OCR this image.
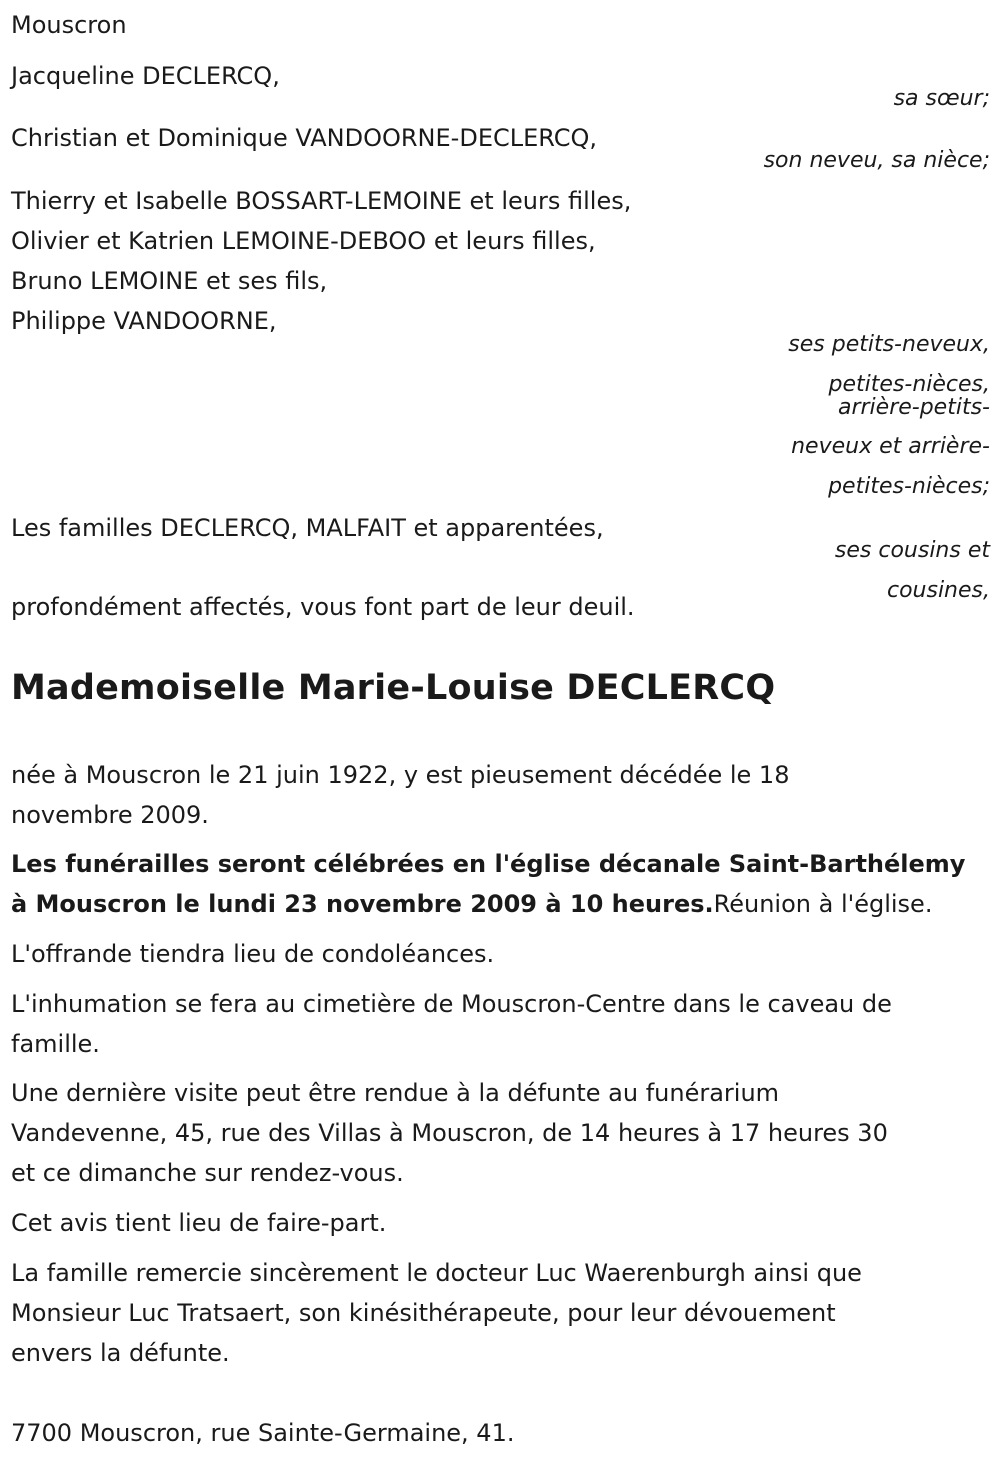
Mouscron
Jacqueline DECLERCQ,
sa sœur;
Christian et Dominique VANDOORNE-DECLERCQ,
son neveu, sa nièce;
Thierry et Isabelle BOSSART-LEMOINE et leurs filles,
Olivier et Katrien LEMOINE-DEBOO et leurs filles,
Bruno LEMOINE et ses fils,
Philippe VANDOORNE,
ses petits-neveux,
petites-nièces,
arrière-petits-
neveux et arrière-
petites-nièces;
Les familles DECLERCQ, MALFAIT et apparentées,
ses cousins et
cousines,
profondément affectés, vous font part de leur deuil.
Mademoiselle Marie-Louise DECLERCQ
née à Mouscron le 21 juin 1922, y est pieusement décédée le 18
novembre 2009.
Les funérailles seront célébrées en l'église décanale Saint-Barthélemy
à Mouscron le lundi 23 novembre 2009 à 10 heures.Réunion à l'église.
L'offrande tiendra lieu de condoléances.
L'inhumation se fera au cimetière de Mouscron-Centre dans le caveau de
famille.
Une dernière visite peut être rendue à la défunte au funérarium
Vandevenne, 45, rue des Villas à Mouscron, de 14 heures à 17 heures 30
et ce dimanche sur rendez-vous.
Cet avis tient lieu de faire-part.
La famille remercie sincèrement le docteur Luc Waerenburgh ainsi que
Monsieur Luc Tratsaert, son kinésithérapeute, pour leur dévouement
envers la défunte.
7700 Mouscron, rue Sainte-Germaine, 41.
